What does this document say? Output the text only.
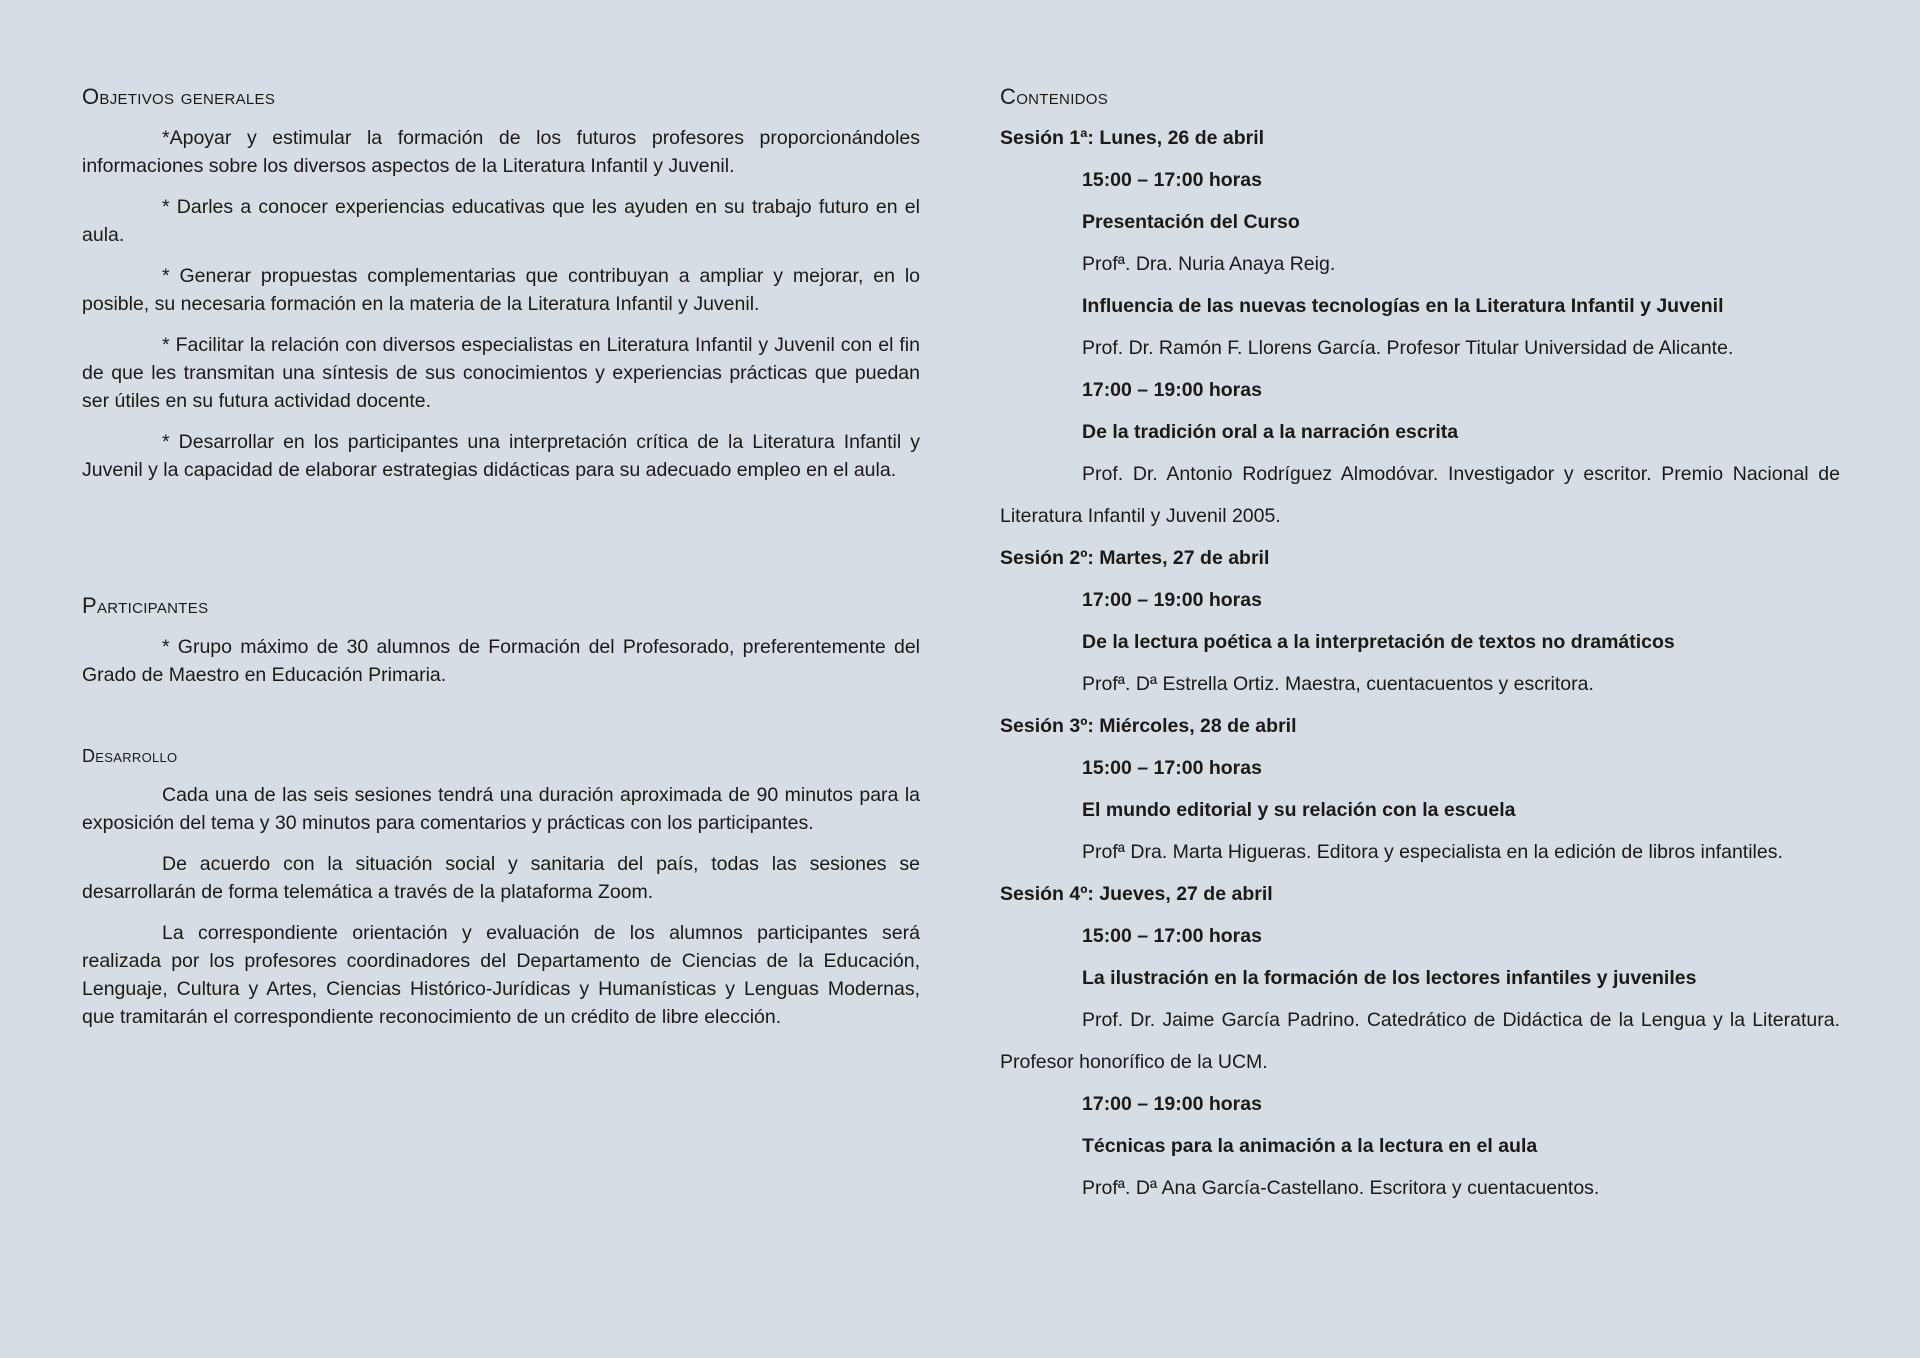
Objetivos generales

*Apoyar y estimular la formación de los futuros profesores proporcionándoles informaciones sobre los diversos aspectos de la Literatura Infantil y Juvenil.

* Darles a conocer experiencias educativas que les ayuden en su trabajo futuro en el aula.

* Generar propuestas complementarias que contribuyan a ampliar y mejorar, en lo posible, su necesaria formación en la materia de la Literatura Infantil y Juvenil.

* Facilitar la relación con diversos especialistas en Literatura Infantil y Juvenil con el fin de que les transmitan una síntesis de sus conocimientos y experiencias prácticas que puedan ser útiles en su futura actividad docente.

* Desarrollar en los participantes una interpretación crítica de la Literatura Infantil y Juvenil y la capacidad de elaborar estrategias didácticas para su adecuado empleo en el aula.

Participantes

* Grupo máximo de 30 alumnos de Formación del Profesorado, preferentemente del Grado de Maestro en Educación Primaria.

Desarrollo

Cada una de las seis sesiones tendrá una duración aproximada de 90 minutos para la exposición del tema y 30 minutos para comentarios y prácticas con los participantes.

De acuerdo con la situación social y sanitaria del país, todas las sesiones se desarrollarán de forma telemática a través de la plataforma Zoom.

La correspondiente orientación y evaluación de los alumnos participantes será realizada por los profesores coordinadores del Departamento de Ciencias de la Educación, Lenguaje, Cultura y Artes, Ciencias Histórico-Jurídicas y Humanísticas y Lenguas Modernas, que tramitarán el correspondiente reconocimiento de un crédito de libre elección.

Contenidos
Sesión 1ª: Lunes, 26 de abril
15:00 – 17:00 horas
Presentación del Curso
Profª. Dra. Nuria Anaya Reig.
Influencia de las nuevas tecnologías en la Literatura Infantil y Juvenil
Prof. Dr. Ramón F. Llorens García. Profesor Titular Universidad de Alicante.
17:00 – 19:00 horas
De la tradición oral a la narración escrita

Prof. Dr. Antonio Rodríguez Almodóvar. Investigador y escritor. Premio Nacional de Literatura Infantil y Juvenil 2005.

Sesión 2º: Martes, 27 de abril
17:00 – 19:00 horas
De la lectura poética a la interpretación de textos no dramáticos
Profª. Dª Estrella Ortiz. Maestra, cuentacuentos y escritora.
Sesión 3º: Miércoles, 28 de abril
15:00 – 17:00 horas
El mundo editorial y su relación con la escuela
Profª Dra. Marta Higueras. Editora y especialista en la edición de libros infantiles.
Sesión 4º: Jueves, 27 de abril
15:00 – 17:00 horas
La ilustración en la formación de los lectores infantiles y juveniles

Prof. Dr. Jaime García Padrino. Catedrático de Didáctica de la Lengua y la Literatura. Profesor honorífico de la UCM.

17:00 – 19:00 horas
Técnicas para la animación a la lectura en el aula
Profª. Dª Ana García-Castellano. Escritora y cuentacuentos.
